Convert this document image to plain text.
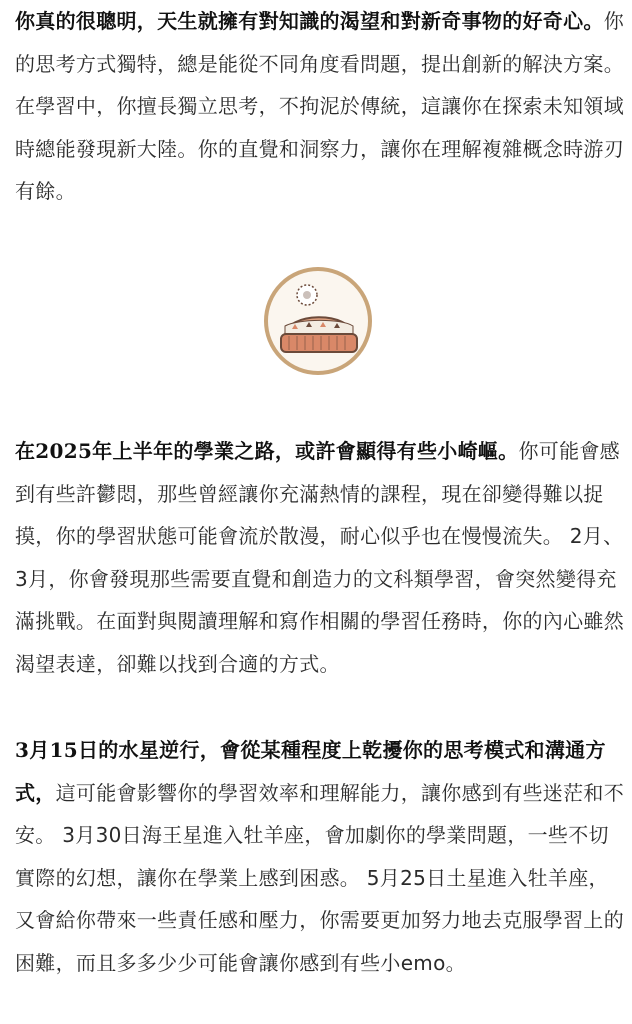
你真的很聰明，天生就擁有對知識的渴望和對新奇事物的好奇心。你的思考方式獨特，總是能從不同角度看問題，提出創新的解決方案。在學習中，你擅長獨立思考，不拘泥於傳統，這讓你在探索未知領域時總能發現新大陸。你的直覺和洞察力，讓你在理解複雜概念時游刃有餘。

在2025年上半年的學業之路，或許會顯得有些小崎嶇。你可能會感到有些許鬱悶，那些曾經讓你充滿熱情的課程，現在卻變得難以捉摸，你的學習狀態可能會流於散漫，耐心似乎也在慢慢流失。 2月、3月，你會發現那些需要直覺和創造力的文科類學習，會突然變得充滿挑戰。在面對與閱讀理解和寫作相關的學習任務時，你的內心雖然渴望表達，卻難以找到合適的方式。

3月15日的水星逆行，會從某種程度上乾擾你的思考模式和溝通方式，這可能會影響你的學習效率和理解能力，讓你感到有些迷茫和不安。 3月30日海王星進入牡羊座，會加劇你的學業問題，一些不切實際的幻想，讓你在學業上感到困惑。 5月25日土星進入牡羊座，又會給你帶來一些責任感和壓力，你需要更加努力地去克服學習上的困難，而且多多少少可能會讓你感到有些小emo。
